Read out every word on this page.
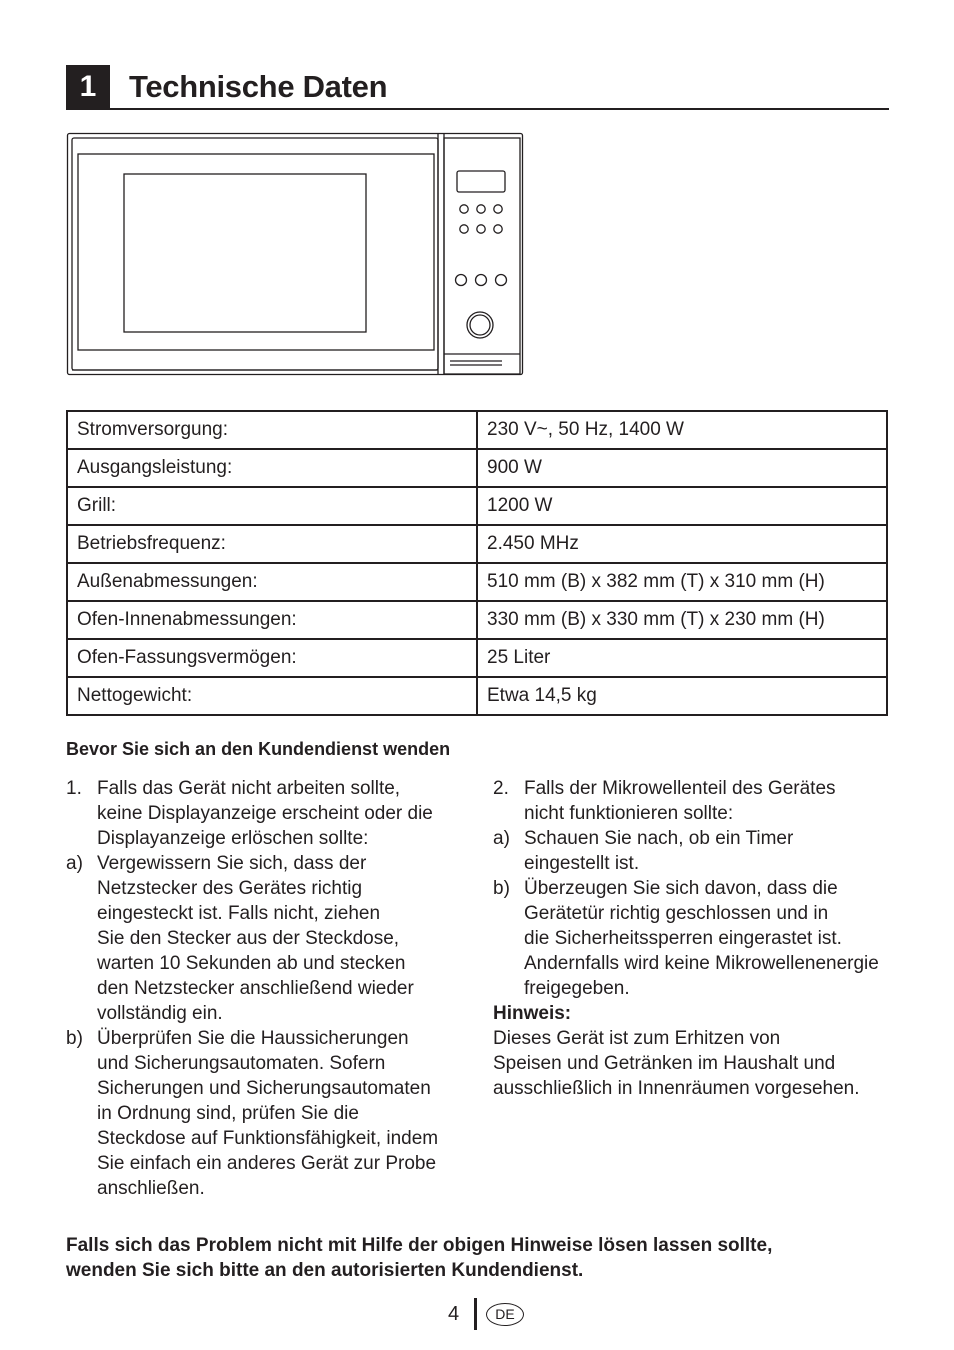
1	Technische Daten
Stromversorgung:	230 V~, 50 Hz, 1400 W
Ausgangsleistung:	900 W
Grill:	1200 W
Betriebsfrequenz:	2.450 MHz
Außenabmessungen:	510 mm (B) x 382 mm (T) x 310 mm (H)
Ofen-Innenabmessungen:	330 mm (B) x 330 mm (T) x 230 mm (H)
Ofen-Fassungsvermögen:	25 Liter
Nettogewicht:	Etwa 14,5 kg
Bevor Sie sich an den Kundendienst wenden
1. Falls das Gerät nicht arbeiten sollte,
keine Displayanzeige erscheint oder die
Displayanzeige erlöschen sollte:
a) Vergewissern Sie sich, dass der
Netzstecker des Gerätes richtig
eingesteckt ist. Falls nicht, ziehen
Sie den Stecker aus der Steckdose,
warten 10 Sekunden ab und stecken
den Netzstecker anschließend wieder
vollständig ein.
b) Überprüfen Sie die Haussicherungen
und Sicherungsautomaten. Sofern
Sicherungen und Sicherungsautomaten
in Ordnung sind, prüfen Sie die
Steckdose auf Funktionsfähigkeit, indem
Sie einfach ein anderes Gerät zur Probe
anschließen.
2. Falls der Mikrowellenteil des Gerätes
nicht funktionieren sollte:
a) Schauen Sie nach, ob ein Timer
eingestellt ist.
b) Überzeugen Sie sich davon, dass die
Gerätetür richtig geschlossen und in
die Sicherheitssperren eingerastet ist.
Andernfalls wird keine Mikrowellenenergie
freigegeben.
Hinweis:
Dieses Gerät ist zum Erhitzen von
Speisen und Getränken im Haushalt und
ausschließlich in Innenräumen vorgesehen.
Falls sich das Problem nicht mit Hilfe der obigen Hinweise lösen lassen sollte,
wenden Sie sich bitte an den autorisierten Kundendienst.
4	DE
